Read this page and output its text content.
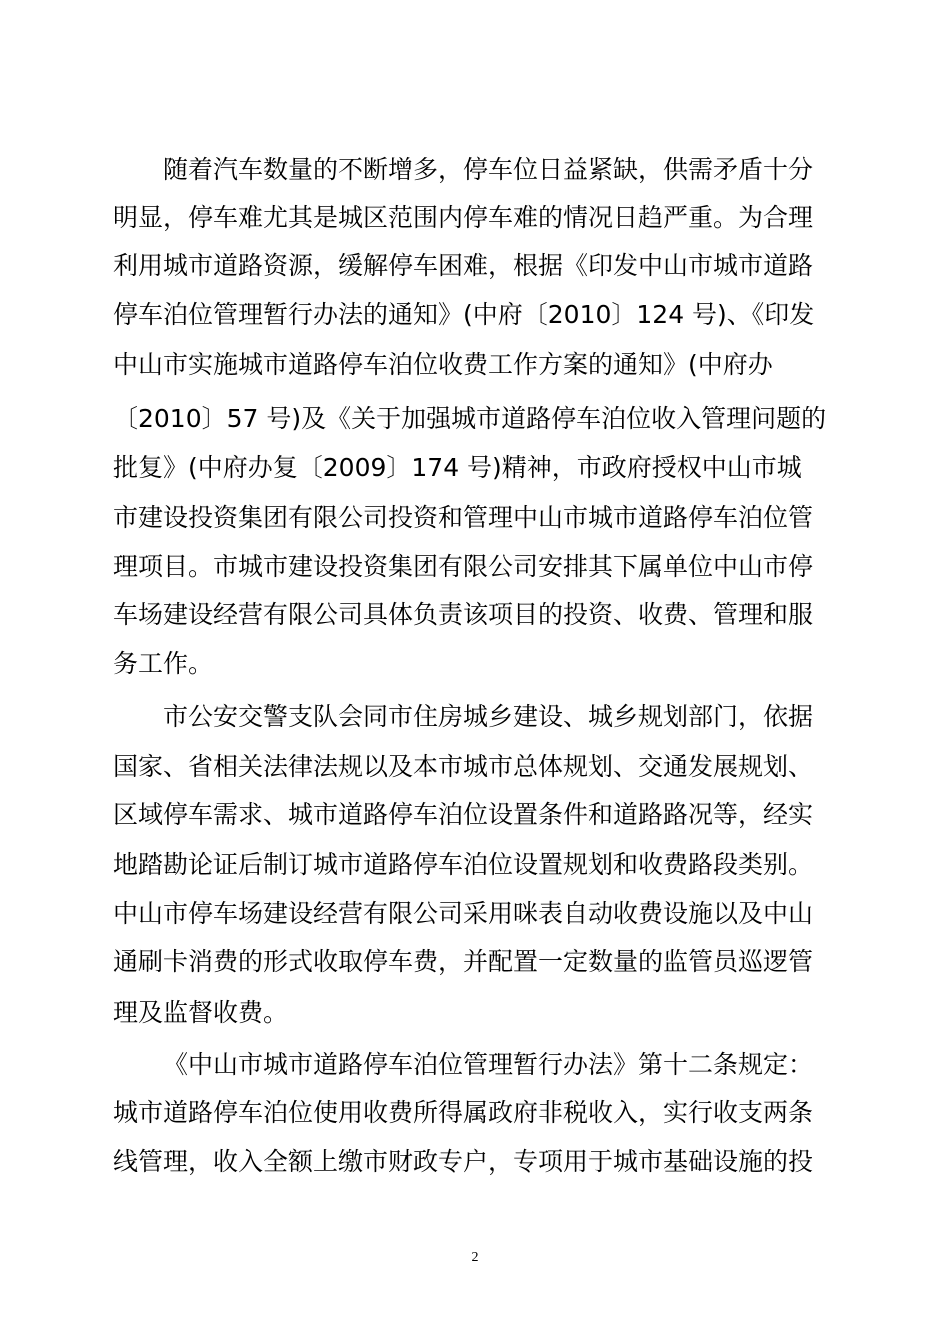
随着汽车数量的不断增多，停车位日益紧缺，供需矛盾十分
明显，停车难尤其是城区范围内停车难的情况日趋严重。为合理
利用城市道路资源，缓解停车困难，根据《印发中山市城市道路
停车泊位管理暂行办法的通知》(中府〔2010〕124 号)、《印发
中山市实施城市道路停车泊位收费工作方案的通知》(中府办
〔2010〕57 号)及《关于加强城市道路停车泊位收入管理问题的
批复》(中府办复〔2009〕174 号)精神，市政府授权中山市城
市建设投资集团有限公司投资和管理中山市城市道路停车泊位管
理项目。市城市建设投资集团有限公司安排其下属单位中山市停
车场建设经营有限公司具体负责该项目的投资、收费、管理和服
务工作。
市公安交警支队会同市住房城乡建设、城乡规划部门，依据
国家、省相关法律法规以及本市城市总体规划、交通发展规划、
区域停车需求、城市道路停车泊位设置条件和道路路况等，经实
地踏勘论证后制订城市道路停车泊位设置规划和收费路段类别。
中山市停车场建设经营有限公司采用咪表自动收费设施以及中山
通刷卡消费的形式收取停车费，并配置一定数量的监管员巡逻管
理及监督收费。
《中山市城市道路停车泊位管理暂行办法》第十二条规定：
城市道路停车泊位使用收费所得属政府非税收入，实行收支两条
线管理，收入全额上缴市财政专户，专项用于城市基础设施的投
2
